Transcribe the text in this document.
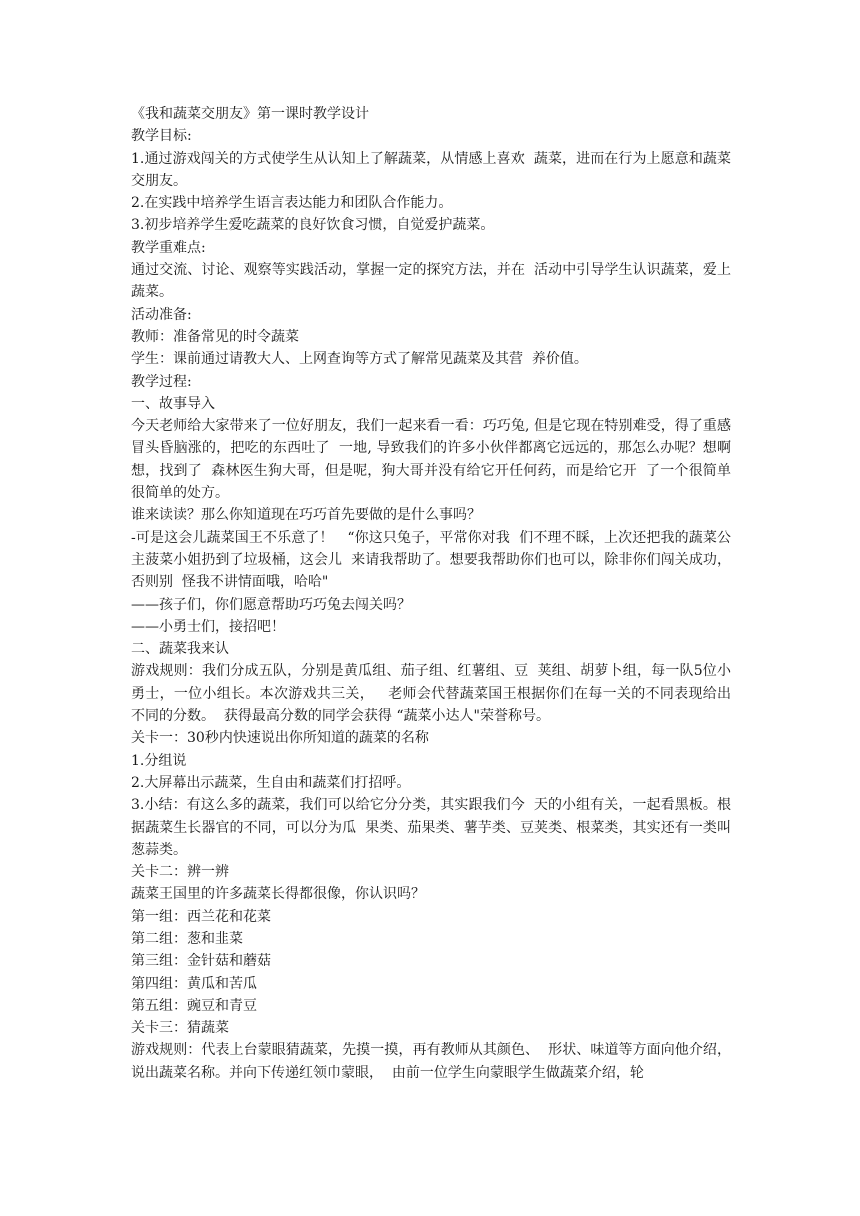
《我和蔬菜交朋友》第一课时教学设计
教学目标:
1.通过游戏闯关的方式使学生从认知上了解蔬菜，从情感上喜欢  蔬菜，进而在行为上愿意和蔬菜交朋友。
2.在实践中培养学生语言表达能力和团队合作能力。
3.初步培养学生爱吃蔬菜的良好饮食习惯，自觉爱护蔬菜。
教学重难点:
通过交流、讨论、观察等实践活动，掌握一定的探究方法，并在  活动中引导学生认识蔬菜，爱上蔬菜。
活动准备:
教师：准备常见的时令蔬菜
学生：课前通过请教大人、上网查询等方式了解常见蔬菜及其营  养价值。
教学过程:
一、故事导入
今天老师给大家带来了一位好朋友，我们一起来看一看：巧巧兔, 但是它现在特别难受，得了重感冒头昏脑涨的，把吃的东西吐了  一地, 导致我们的许多小伙伴都离它远远的，那怎么办呢？想啊想，找到了  森林医生狗大哥，但是呢，狗大哥并没有给它开任何药，而是给它开  了一个很简单很简单的处方。
谁来读读？那么你知道现在巧巧首先要做的是什么事吗？
-可是这会儿蔬菜国王不乐意了！   “你这只兔子，平常你对我  们不理不睬，上次还把我的蔬菜公主菠菜小姐扔到了垃圾桶，这会儿  来请我帮助了。想要我帮助你们也可以，除非你们闯关成功，否则别  怪我不讲情面哦，哈哈"
——孩子们，你们愿意帮助巧巧兔去闯关吗？
——小勇士们，接招吧！
二、蔬菜我来认
游戏规则：我们分成五队，分别是黄瓜组、茄子组、红薯组、豆  荚组、胡萝卜组，每一队5位小勇士，一位小组长。本次游戏共三关，   老师会代替蔬菜国王根据你们在每一关的不同表现给出不同的分数。  获得最高分数的同学会获得 “蔬菜小达人"荣誉称号。
关卡一：30秒内快速说出你所知道的蔬菜的名称
1.分组说
2.大屏幕出示蔬菜，生自由和蔬菜们打招呼。
3.小结：有这么多的蔬菜，我们可以给它分分类，其实跟我们今  天的小组有关，一起看黑板。根据蔬菜生长器官的不同，可以分为瓜  果类、茄果类、薯芋类、豆荚类、根菜类，其实还有一类叫葱蒜类。
关卡二：辨一辨
蔬菜王国里的许多蔬菜长得都很像，你认识吗？
第一组：西兰花和花菜
第二组：葱和韭菜
第三组：金针菇和蘑菇
第四组：黄瓜和苦瓜
第五组：豌豆和青豆
关卡三：猜蔬菜
游戏规则：代表上台蒙眼猜蔬菜，先摸一摸，再有教师从其颜色、  形状、味道等方面向他介绍，说出蔬菜名称。并向下传递红领巾蒙眼，  由前一位学生向蒙眼学生做蔬菜介绍，轮
